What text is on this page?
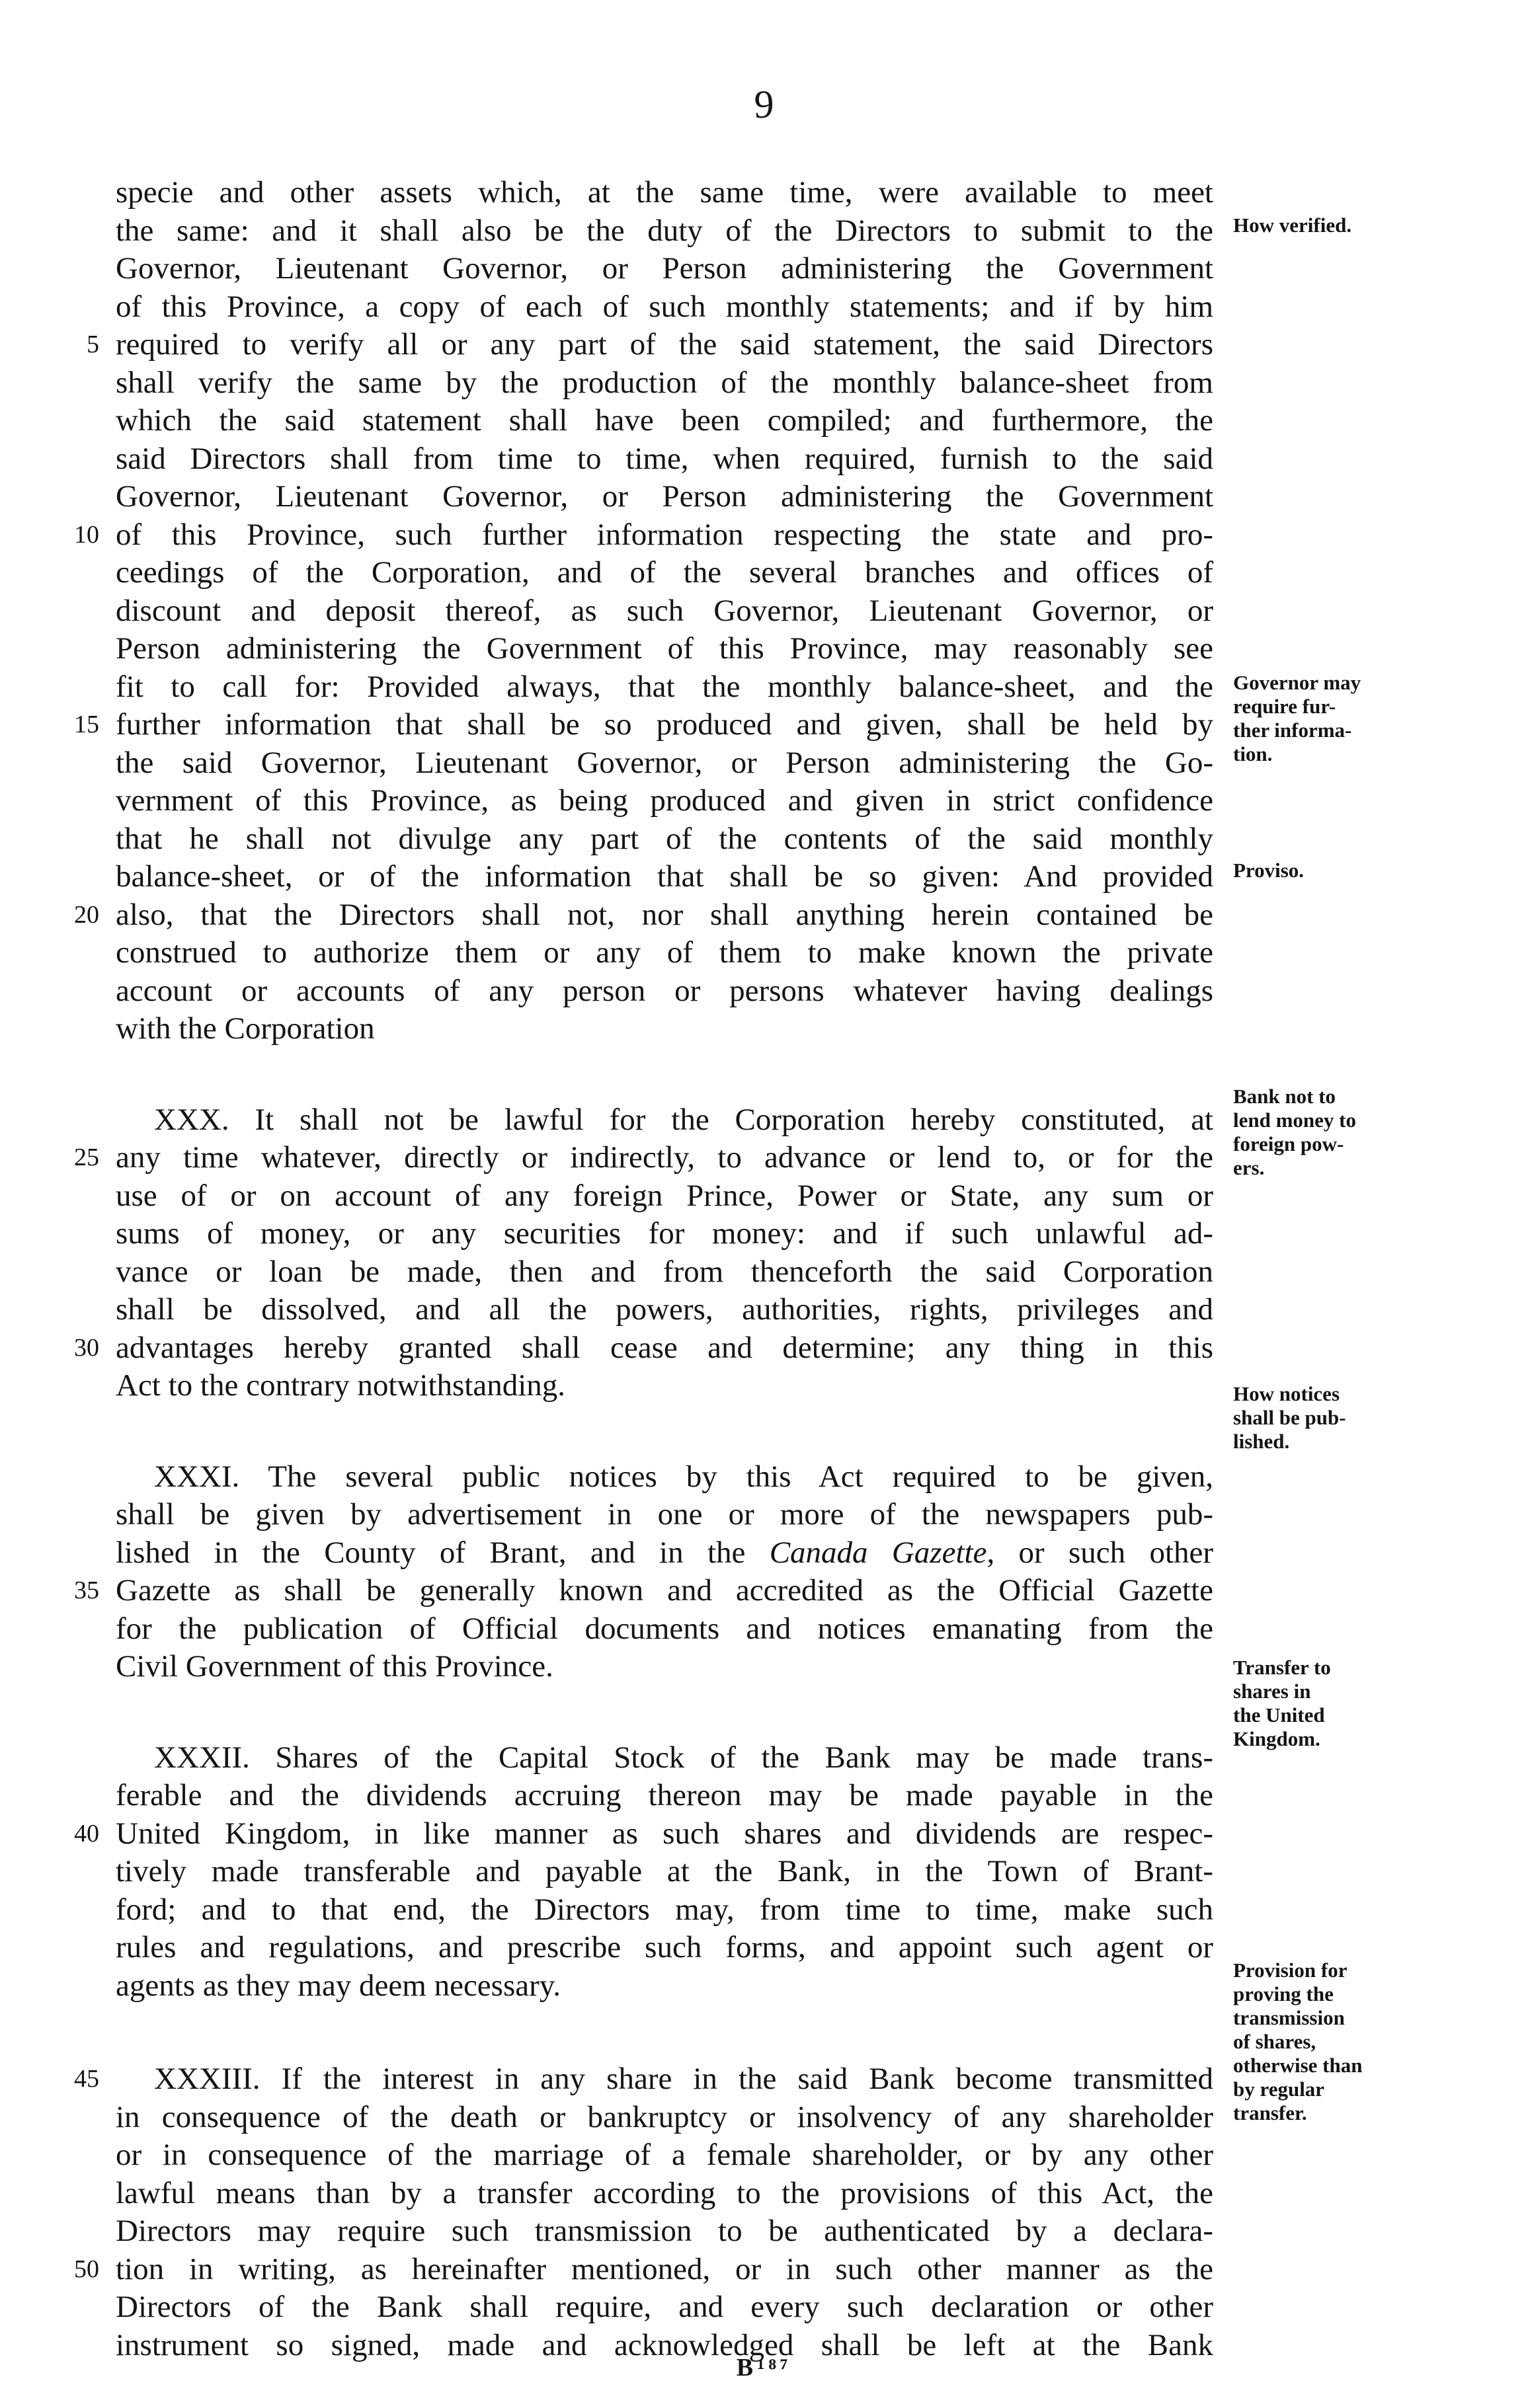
9
specie and other assets which, at the same time, were available to meet
the same: and it shall also be the duty of the Directors to submit to the
Governor, Lieutenant Governor, or Person administering the Government
of this Province, a copy of each of such monthly statements; and if by him
5 required to verify all or any part of the said statement, the said Directors
shall verify the same by the production of the monthly balance-sheet from
which the said statement shall have been compiled; and furthermore, the
said Directors shall from time to time, when required, furnish to the said
Governor, Lieutenant Governor, or Person administering the Government
10 of this Province, such further information respecting the state and pro-
ceedings of the Corporation, and of the several branches and offices of
discount and deposit thereof, as such Governor, Lieutenant Governor, or
Person administering the Government of this Province, may reasonably see
fit to call for: Provided always, that the monthly balance-sheet, and the
15 further information that shall be so produced and given, shall be held by
the said Governor, Lieutenant Governor, or Person administering the Go-
vernment of this Province, as being produced and given in strict confidence
that he shall not divulge any part of the contents of the said monthly
balance-sheet, or of the information that shall be so given: And provided
20 also, that the Directors shall not, nor shall anything herein contained be
construed to authorize them or any of them to make known the private
account or accounts of any person or persons whatever having dealings
with the Corporation
XXX. It shall not be lawful for the Corporation hereby constituted, at
25 any time whatever, directly or indirectly, to advance or lend to, or for the
use of or on account of any foreign Prince, Power or State, any sum or
sums of money, or any securities for money: and if such unlawful ad-
vance or loan be made, then and from thenceforth the said Corporation
shall be dissolved, and all the powers, authorities, rights, privileges and
30 advantages hereby granted shall cease and determine; any thing in this
Act to the contrary notwithstanding.
XXXI. The several public notices by this Act required to be given,
shall be given by advertisement in one or more of the newspapers pub-
lished in the County of Brant, and in the Canada Gazette, or such other
35 Gazette as shall be generally known and accredited as the Official Gazette
for the publication of Official documents and notices emanating from the
Civil Government of this Province.
XXXII. Shares of the Capital Stock of the Bank may be made trans-
ferable and the dividends accruing thereon may be made payable in the
40 United Kingdom, in like manner as such shares and dividends are respec-
tively made transferable and payable at the Bank, in the Town of Brant-
ford; and to that end, the Directors may, from time to time, make such
rules and regulations, and prescribe such forms, and appoint such agent or
agents as they may deem necessary.
45 XXXIII. If the interest in any share in the said Bank become transmitted
in consequence of the death or bankruptcy or insolvency of any shareholder
or in consequence of the marriage of a female shareholder, or by any other
lawful means than by a transfer according to the provisions of this Act, the
Directors may require such transmission to be authenticated by a declara-
50 tion in writing, as hereinafter mentioned, or in such other manner as the
Directors of the Bank shall require, and every such declaration or other
instrument so signed, made and acknowledged shall be left at the Bank
How verified.
Governor may
require fur-
ther informa-
tion.
Proviso.
Bank not to
lend money to
foreign pow-
ers.
How notices
shall be pub-
lished.
Transfer to
shares in
the United
Kingdom.
Provision for
proving the
transmission
of shares,
otherwise than
by regular
transfer.
B¹⁸⁷
